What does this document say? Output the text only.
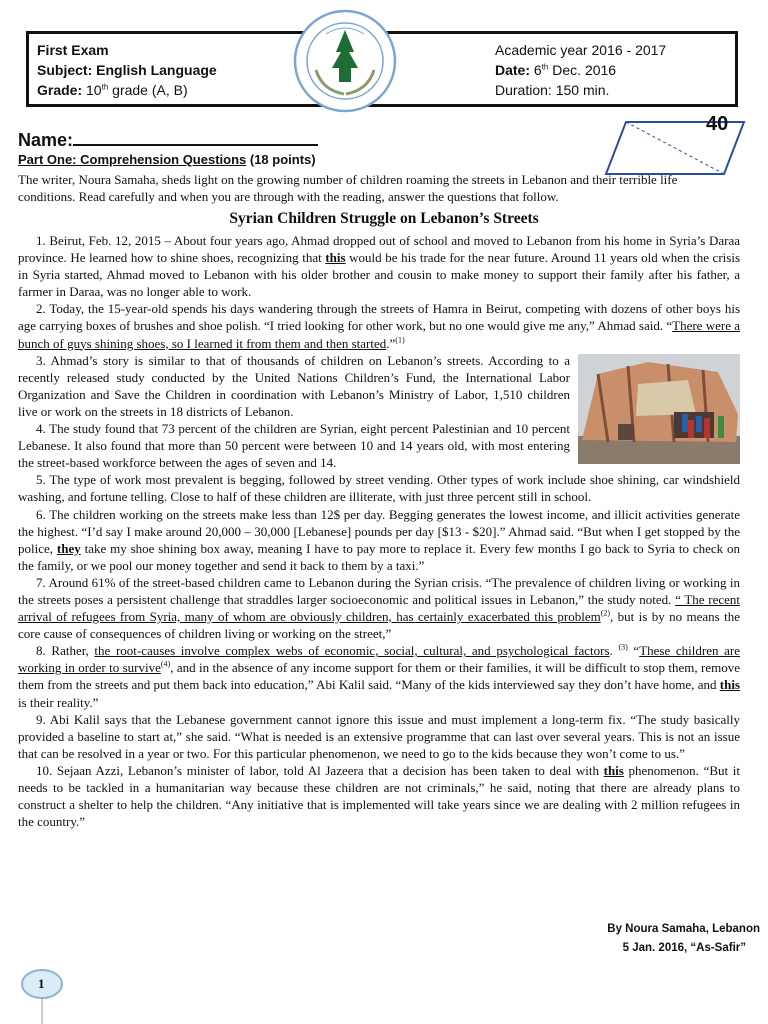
First Exam
Subject: English Language
Grade: 10th grade (A, B)
Academic year 2016 - 2017
Date: 6th Dec. 2016
Duration: 150 min.
Name:
40
Part One: Comprehension Questions (18 points)
The writer, Noura Samaha, sheds light on the growing number of children roaming the streets in Lebanon and their terrible life conditions. Read carefully and when you are through with the reading, answer the questions that follow.
Syrian Children Struggle on Lebanon’s Streets

1. Beirut, Feb. 12, 2015 – About four years ago, Ahmad dropped out of school and moved to Lebanon from his home in Syria’s Daraa province. He learned how to shine shoes, recognizing that this would be his trade for the near future. Around 11 years old when the crisis in Syria started, Ahmad moved to Lebanon with his older brother and cousin to make money to support their family after his father, a farmer in Daraa, was no longer able to work.

2. Today, the 15-year-old spends his days wandering through the streets of Hamra in Beirut, competing with dozens of other boys his age carrying boxes of brushes and shoe polish. “I tried looking for other work, but no one would give me any,” Ahmad said. “There were a bunch of guys shining shoes, so I learned it from them and then started.”$^{(1)}$

3. Ahmad’s story is similar to that of thousands of children on Lebanon’s streets. According to a recently released study conducted by the United Nations Children’s Fund, the International Labor Organization and Save the Children in coordination with Lebanon’s Ministry of Labor, 1,510 children live or work on the streets in 18 districts of Lebanon.

4. The study found that 73 percent of the children are Syrian, eight percent Palestinian and 10 percent Lebanese. It also found that more than 50 percent were between 10 and 14 years old, with most entering the street-based workforce between the ages of seven and 14.

5. The type of work most prevalent is begging, followed by street vending. Other types of work include shoe shining, car windshield washing, and fortune telling. Close to half of these children are illiterate, with just three percent still in school.

6. The children working on the streets make less than 12$ per day. Begging generates the lowest income, and illicit activities generate the highest. “I’d say I make around 20,000 – 30,000 [Lebanese] pounds per day [$13 - $20].” Ahmad said. “But when I get stopped by the police, they take my shoe shining box away, meaning I have to pay more to replace it. Every few months I go back to Syria to check on the family, or we pool our money together and send it back to them by a taxi.”

7. Around 61% of the street-based children came to Lebanon during the Syrian crisis. “The prevalence of children living or working in the streets poses a persistent challenge that straddles larger socioeconomic and political issues in Lebanon,” the study noted. “ The recent arrival of refugees from Syria, many of whom are obviously children, has certainly exacerbated this problem$^{(2)}$, but is by no means the core cause of consequences of children living or working on the street,”

8. Rather, the root-causes involve complex webs of economic, social, cultural, and psychological factors. $^{(3)}$ “These children are working in order to survive$^{(4)}$, and in the absence of any income support for them or their families, it will be difficult to stop them, remove them from the streets and put them back into education,” Abi Kalil said. “Many of the kids interviewed say they don’t have home, and this is their reality.”

9. Abi Kalil says that the Lebanese government cannot ignore this issue and must implement a long-term fix. “The study basically provided a baseline to start at,” she said. “What is needed is an extensive programme that can last over several years. This is not an issue that can be resolved in a year or two. For this particular phenomenon, we need to go to the kids because they won’t come to us.”

10. Sejaan Azzi, Lebanon’s minister of labor, told Al Jazeera that a decision has been taken to deal with this phenomenon. “But it needs to be tackled in a humanitarian way because these children are not criminals,” he said, noting that there are already plans to construct a shelter to help the children. “Any initiative that is implemented will take years since we are dealing with 2 million refugees in the country.”

By Noura Samaha, Lebanon
5 Jan. 2016, “As-Safir”
1
